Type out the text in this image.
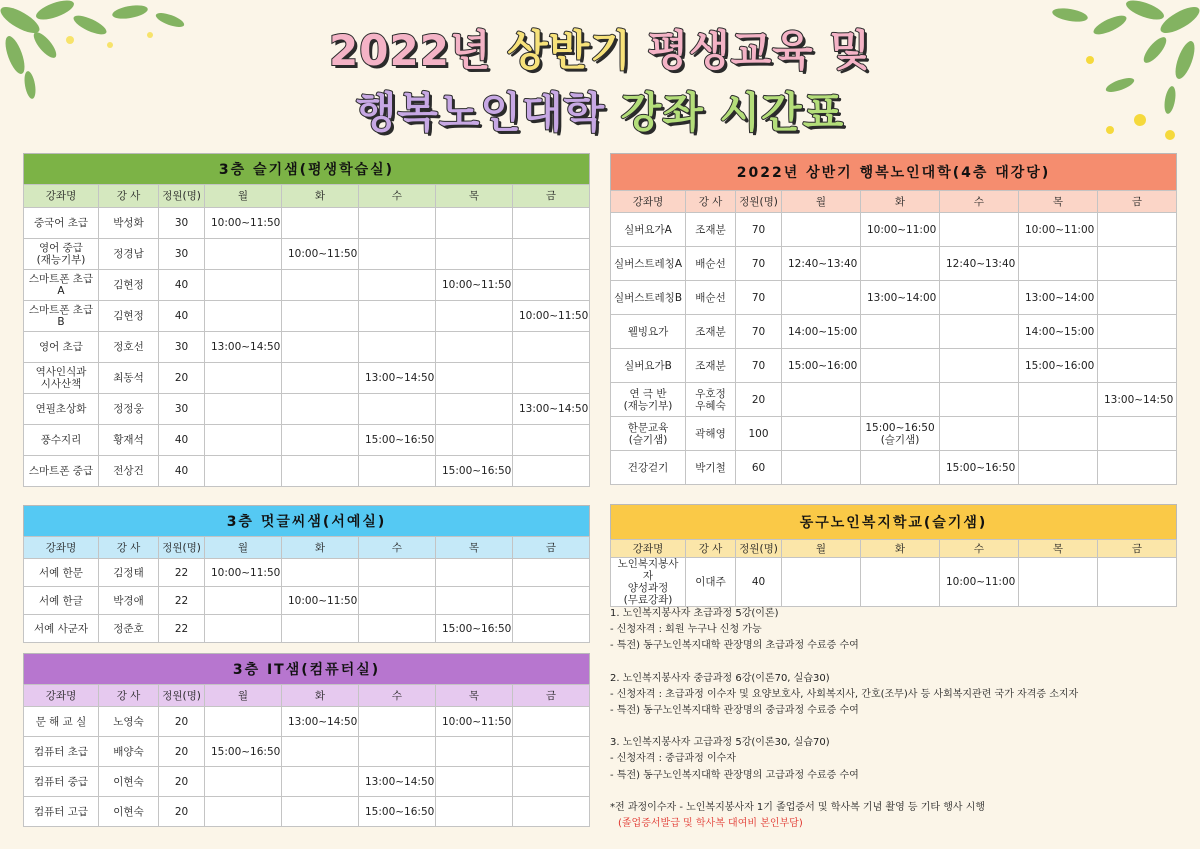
2022년 상반기 평생교육 및
행복노인대학 강좌 시간표
3층 슬기샘(평생학습실)
강좌명	강 사	정원(명)	월	화	수	목	금
중국어 초급	박성화	30	10:00~11:50				
영어 중급
(재능기부)	정경남	30		10:00~11:50			
스마트폰 초급 A	김현정	40				10:00~11:50	
스마트폰 초급 B	김현정	40					10:00~11:50
영어 초급	정호선	30	13:00~14:50				
역사인식과
시사산책	최동석	20			13:00~14:50		
연필초상화	정정웅	30					13:00~14:50
풍수지리	황재석	40			15:00~16:50		
스마트폰 중급	전상건	40				15:00~16:50	
3층 멋글씨샘(서예실)
강좌명	강 사	정원(명)	월	화	수	목	금
서예 한문	김정태	22	10:00~11:50				
서예 한글	박경애	22		10:00~11:50			
서예 사군자	정준호	22				15:00~16:50	
3층 IT샘(컴퓨터실)
강좌명	강 사	정원(명)	월	화	수	목	금
문 해 교 실	노영숙	20		13:00~14:50		10:00~11:50	
컴퓨터 초급	배양숙	20	15:00~16:50				
컴퓨터 중급	이현숙	20			13:00~14:50		
컴퓨터 고급	이현숙	20			15:00~16:50		
2022년 상반기 행복노인대학(4층 대강당)
강좌명	강 사	정원(명)	월	화	수	목	금
실버요가A	조재분	70		10:00~11:00		10:00~11:00	
실버스트레칭A	배순선	70	12:40~13:40		12:40~13:40		
실버스트레칭B	배순선	70		13:00~14:00		13:00~14:00	
웰빙요가	조재분	70	14:00~15:00			14:00~15:00	
실버요가B	조재분	70	15:00~16:00			15:00~16:00	
연 극 반
(재능기부)	우호정
우혜숙	20					13:00~14:50
한문교육
(슬기샘)	곽해영	100		15:00~16:50
(슬기샘)			
건강걷기	박기철	60			15:00~16:50		
동구노인복지학교(슬기샘)
강좌명	강 사	정원(명)	월	화	수	목	금
노인복지봉사자
양성과정
(무료강좌)	이대주	40			10:00~11:00		
1. 노인복지봉사자 초급과정 5강(이론)
- 신청자격 : 회원 누구나 신청 가능
- 특전) 동구노인복지대학 관장명의 초급과정 수료증 수여
2. 노인복지봉사자 중급과정 6강(이론70, 실습30)
- 신청자격 : 초급과정 이수자 및 요양보호사, 사회복지사, 간호(조무)사 등 사회복지관련 국가 자격증 소지자
- 특전) 동구노인복지대학 관장명의 중급과정 수료증 수여
3. 노인복지봉사자 고급과정 5강(이론30, 실습70)
- 신청자격 : 중급과정 이수자
- 특전) 동구노인복지대학 관장명의 고급과정 수료증 수여
*전 과정이수자 - 노인복지봉사자 1기 졸업증서 및 학사복 기념 촬영 등 기타 행사 시행
(졸업증서발급 및 학사복 대여비 본인부담)
